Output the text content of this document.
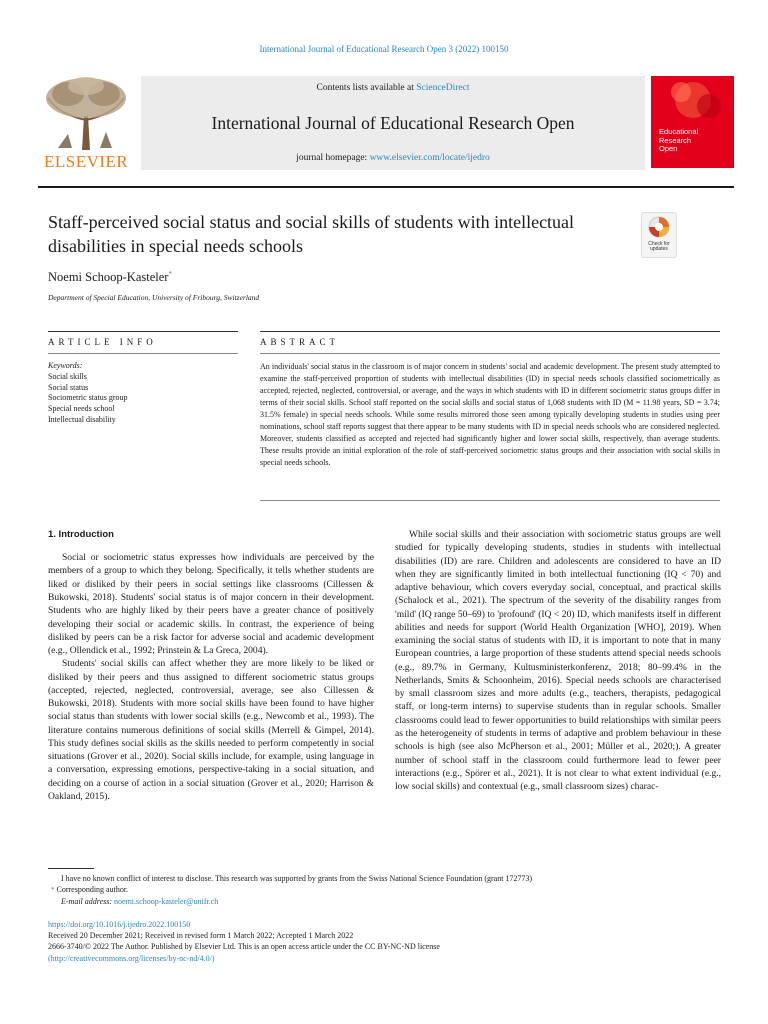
International Journal of Educational Research Open 3 (2022) 100150
ELSEVIER
Contents lists available at ScienceDirect
International Journal of Educational Research Open
journal homepage: www.elsevier.com/locate/ijedro
Educational
Research
Open
Staff-perceived social status and social skills of students with intellectual disabilities in special needs schools	Check for
updates
Noemi Schoop-Kasteler*
Department of Special Education, University of Fribourg, Switzerland
ARTICLE INFO	ABSTRACT
Keywords:
Social skills
Social status
Sociometric status group
Special needs school
Intellectual disability
An individuals' social status in the classroom is of major concern in students' social and academic development. The present study attempted to examine the staff-perceived proportion of students with intellectual disabilities (ID) in special needs schools classified sociometrically as accepted, rejected, neglected, controversial, or average, and the ways in which students with ID in different sociometric status groups differ in terms of their social skills. School staff reported on the social skills and social status of 1,068 students with ID (M = 11.98 years, SD = 3.74; 31.5% female) in special needs schools. While some results mirrored those seen among typically developing students in studies using peer nominations, school staff reports suggest that there appear to be many students with ID in special needs schools who are considered neglected. Moreover, students classified as accepted and rejected had significantly higher and lower social skills, respectively, than average students. These results provide an initial exploration of the role of staff-perceived sociometric status groups and their association with social skills in special needs schools.
1. Introduction

Social or sociometric status expresses how individuals are perceived by the members of a group to which they belong. Specifically, it tells whether students are liked or disliked by their peers in social settings like classrooms (Cillessen & Bukowski, 2018). Students' social status is of major concern in their development. Students who are highly liked by their peers have a greater chance of positively developing their social or academic skills. In contrast, the experience of being disliked by peers can be a risk factor for adverse social and academic development (e.g., Ollendick et al., 1992; Prinstein & La Greca, 2004).

Students' social skills can affect whether they are more likely to be liked or disliked by their peers and thus assigned to different sociometric status groups (accepted, rejected, neglected, controversial, average, see also Cillessen & Bukowski, 2018). Students with more social skills have been found to have higher social status than students with lower social skills (e.g., Newcomb et al., 1993). The literature contains numerous definitions of social skills (Merrell & Gimpel, 2014). This study defines social skills as the skills needed to perform competently in social situations (Grover et al., 2020). Social skills include, for example, using language in a conversation, expressing emotions, perspective-taking in a social situation, and deciding on a course of action in a social situation (Grover et al., 2020; Harrison & Oakland, 2015).

While social skills and their association with sociometric status groups are well studied for typically developing students, studies in students with intellectual disabilities (ID) are rare. Children and adolescents are considered to have an ID when they are significantly limited in both intellectual functioning (IQ < 70) and adaptive behaviour, which covers everyday social, conceptual, and practical skills (Schalock et al., 2021). The spectrum of the severity of the disability ranges from 'mild' (IQ range 50–69) to 'profound' (IQ < 20) ID, which manifests itself in different abilities and needs for support (World Health Organization [WHO], 2019). When examining the social status of students with ID, it is important to note that in many European countries, a large proportion of these students attend special needs schools (e.g., 89.7% in Germany, Kultusministerkonferenz, 2018; 80–99.4% in the Netherlands, Smits & Schoonheim, 2016). Special needs schools are characterised by small classroom sizes and more adults (e.g., teachers, therapists, pedagogical staff, or long-term interns) to supervise students than in regular schools. Smaller classrooms could lead to fewer opportunities to build relationships with similar peers as the heterogeneity of students in terms of adaptive and problem behaviour in these schools is high (see also McPherson et al., 2001; Müller et al., 2020;). A greater number of school staff in the classroom could furthermore lead to fewer peer interactions (e.g., Spörer et al., 2021). It is not clear to what extent individual (e.g., low social skills) and contextual (e.g., small classroom sizes) charac-

I have no known conflict of interest to disclose. This research was supported by grants from the Swiss National Science Foundation (grant 172773)
* Corresponding author.
E-mail address: noemi.schoop-kasteler@unifr.ch
https://doi.org/10.1016/j.ijedro.2022.100150
Received 20 December 2021; Received in revised form 1 March 2022; Accepted 1 March 2022
2666-3740/© 2022 The Author. Published by Elsevier Ltd. This is an open access article under the CC BY-NC-ND license
(http://creativecommons.org/licenses/by-nc-nd/4.0/)
